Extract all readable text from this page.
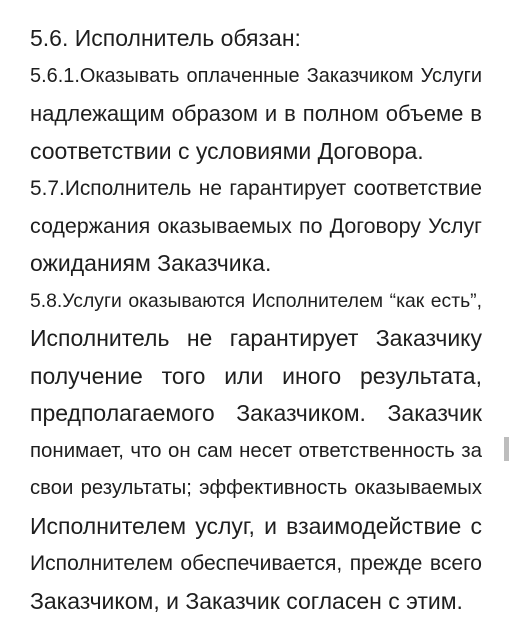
5.6. Исполнитель обязан:
5.6.1.Оказывать оплаченные Заказчиком Услуги
надлежащим образом и в полном объеме в
соответствии с условиями Договора.
5.7.Исполнитель не гарантирует соответствие
содержания оказываемых по Договору Услуг
ожиданиям Заказчика.
5.8.Услуги оказываются Исполнителем “как есть”,
Исполнитель не гарантирует Заказчику
получение того или иного результата,
предполагаемого Заказчиком. Заказчик
понимает, что он сам несет ответственность за
свои результаты; эффективность оказываемых
Исполнителем услуг, и взаимодействие с
Исполнителем обеспечивается, прежде всего
Заказчиком, и Заказчик согласен с этим.
